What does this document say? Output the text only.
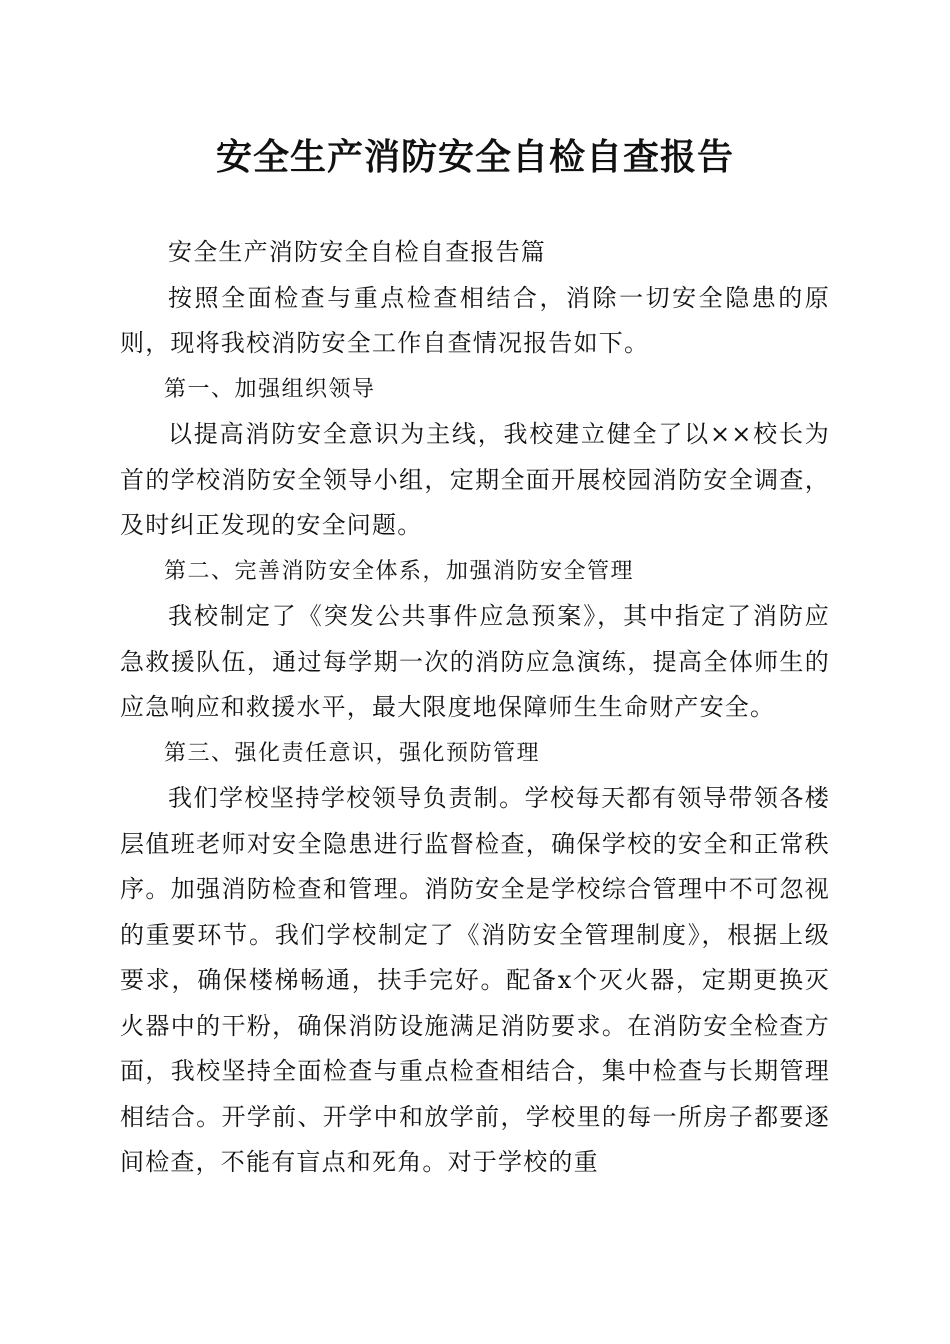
安全生产消防安全自检自查报告

安全生产消防安全自检自查报告篇

按照全面检查与重点检查相结合，消除一切安全隐患的原则，现将我校消防安全工作自查情况报告如下。

第一、加强组织领导

以提高消防安全意识为主线，我校建立健全了以××校长为首的学校消防安全领导小组，定期全面开展校园消防安全调查，及时纠正发现的安全问题。

第二、完善消防安全体系，加强消防安全管理

我校制定了《突发公共事件应急预案》，其中指定了消防应急救援队伍，通过每学期一次的消防应急演练，提高全体师生的应急响应和救援水平，最大限度地保障师生生命财产安全。

第三、强化责任意识，强化预防管理

我们学校坚持学校领导负责制。学校每天都有领导带领各楼层值班老师对安全隐患进行监督检查，确保学校的安全和正常秩序。加强消防检查和管理。消防安全是学校综合管理中不可忽视的重要环节。我们学校制定了《消防安全管理制度》，根据上级要求，确保楼梯畅通，扶手完好。配备x个灭火器，定期更换灭火器中的干粉，确保消防设施满足消防要求。在消防安全检查方面，我校坚持全面检查与重点检查相结合，集中检查与长期管理相结合。开学前、开学中和放学前，学校里的每一所房子都要逐间检查，不能有盲点和死角。对于学校的重
